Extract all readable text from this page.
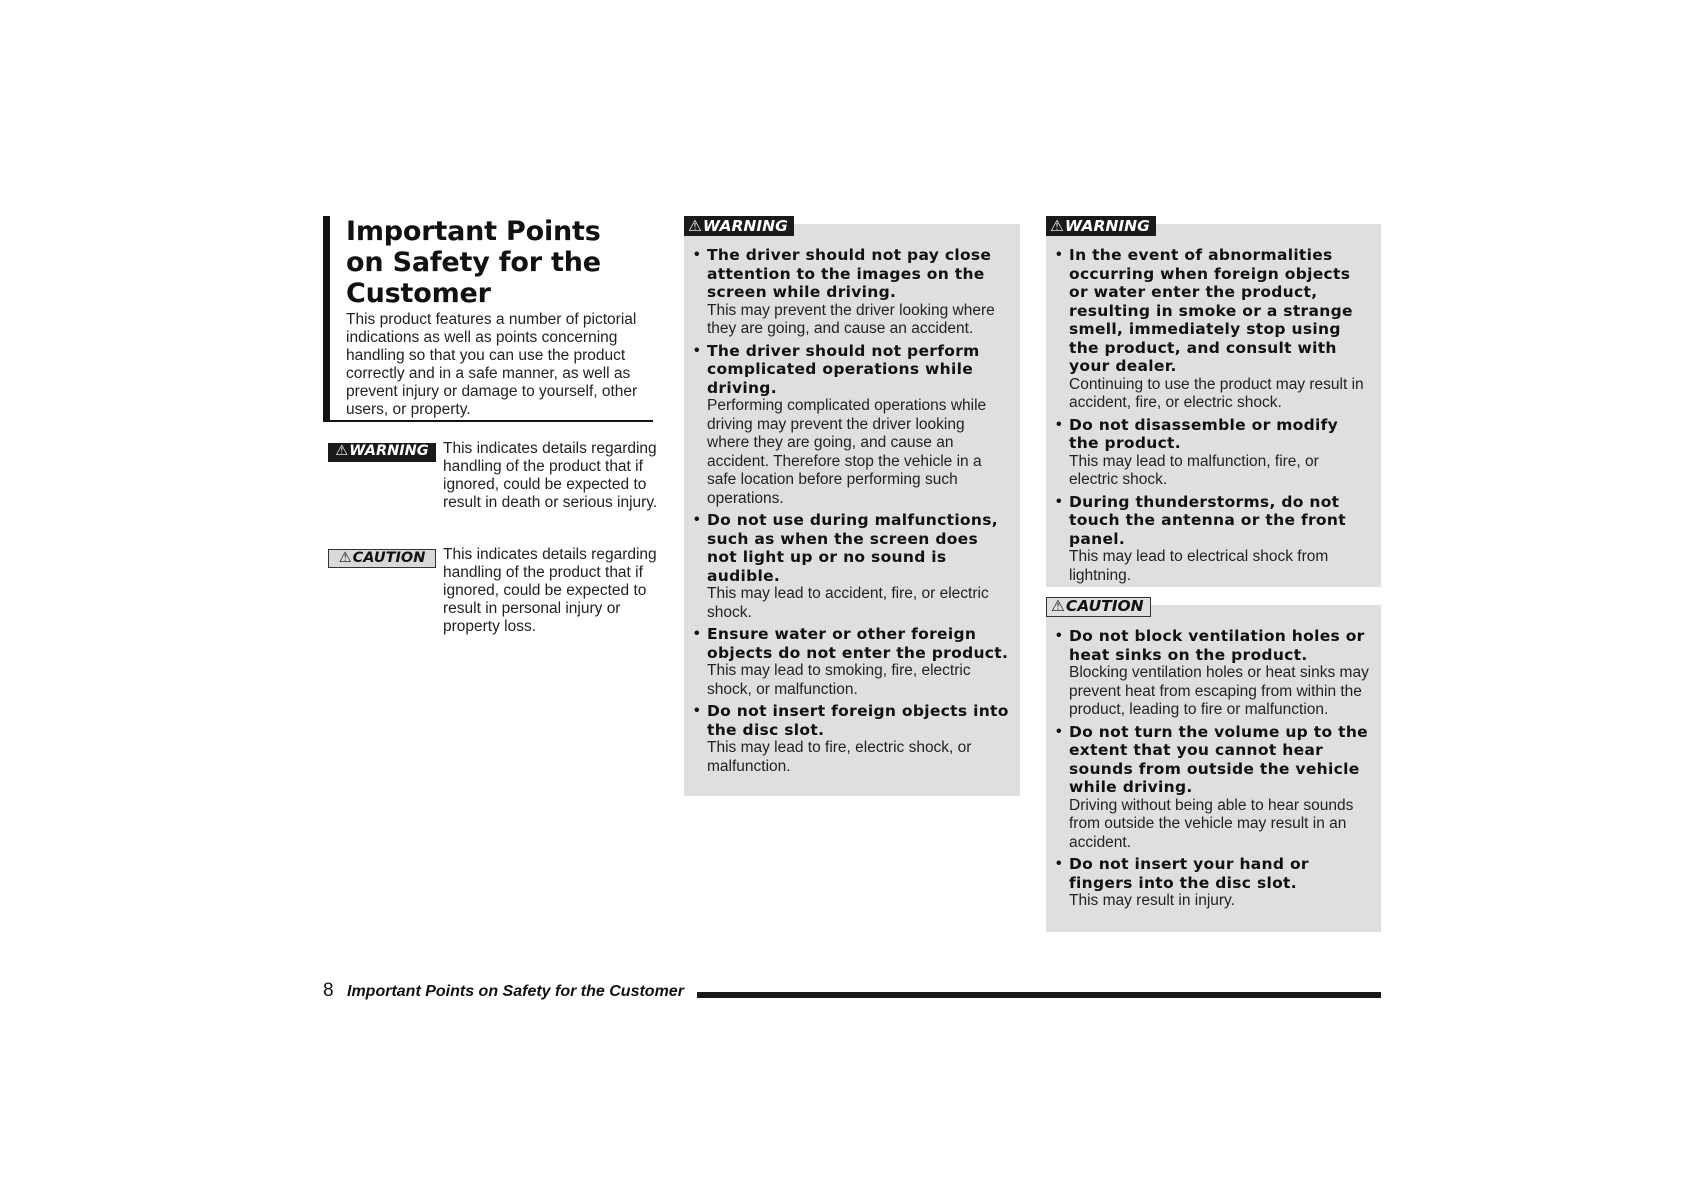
Important Points
on Safety for the
Customer
This product features a number of pictorial indications as well as points concerning handling so that you can use the product correctly and in a safe manner, as well as prevent injury or damage to yourself, other users, or property.
⚠WARNING This indicates details regarding handling of the product that if ignored, could be expected to result in death or serious injury.
⚠CAUTION	This indicates details regarding handling of the product that if ignored, could be expected to result in personal injury or property loss.
⚠WARNING
• The driver should not pay close attention to the images on the screen while driving.
This may prevent the driver looking where they are going, and cause an accident.
• The driver should not perform complicated operations while driving.
Performing complicated operations while driving may prevent the driver looking where they are going, and cause an accident. Therefore stop the vehicle in a safe location before performing such operations.
• Do not use during malfunctions, such as when the screen does not light up or no sound is audible.
This may lead to accident, fire, or electric shock.
• Ensure water or other foreign objects do not enter the product.
This may lead to smoking, fire, electric shock, or malfunction.
• Do not insert foreign objects into the disc slot.
This may lead to fire, electric shock, or malfunction.
⚠WARNING
• In the event of abnormalities occurring when foreign objects or water enter the product, resulting in smoke or a strange smell, immediately stop using the product, and consult with your dealer.
Continuing to use the product may result in accident, fire, or electric shock.
• Do not disassemble or modify the product.
This may lead to malfunction, fire, or electric shock.
• During thunderstorms, do not touch the antenna or the front panel.
This may lead to electrical shock from lightning.
⚠CAUTION
• Do not block ventilation holes or heat sinks on the product.
Blocking ventilation holes or heat sinks may prevent heat from escaping from within the product, leading to fire or malfunction.
• Do not turn the volume up to the extent that you cannot hear sounds from outside the vehicle while driving.
Driving without being able to hear sounds from outside the vehicle may result in an accident.
• Do not insert your hand or fingers into the disc slot.
This may result in injury.
8 Important Points on Safety for the Customer
